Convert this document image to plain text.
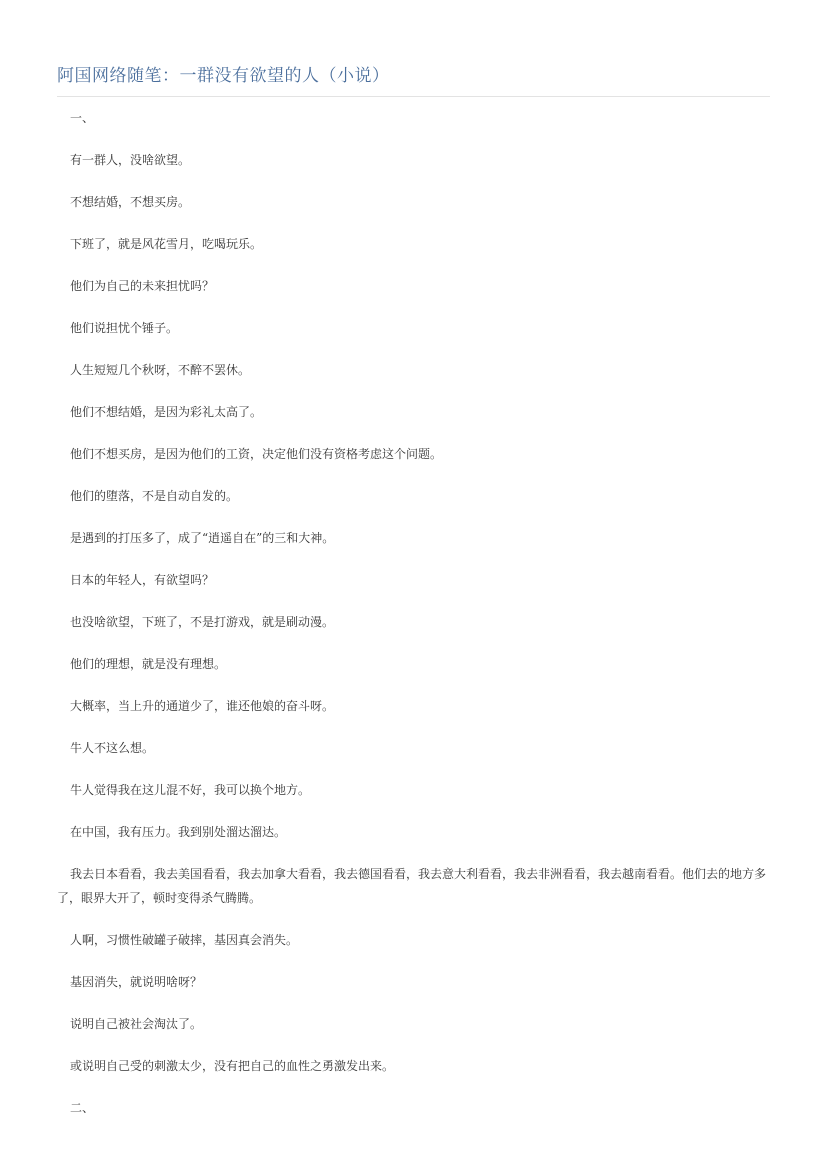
阿国网络随笔：一群没有欲望的人（小说）

一、

有一群人，没啥欲望。

不想结婚，不想买房。

下班了，就是风花雪月，吃喝玩乐。

他们为自己的未来担忧吗？

他们说担忧个锤子。

人生短短几个秋呀，不醉不罢休。

他们不想结婚，是因为彩礼太高了。

他们不想买房，是因为他们的工资，决定他们没有资格考虑这个问题。

他们的堕落，不是自动自发的。

是遇到的打压多了，成了“逍遥自在”的三和大神。

日本的年轻人，有欲望吗？

也没啥欲望，下班了，不是打游戏，就是刷动漫。

他们的理想，就是没有理想。

大概率，当上升的通道少了，谁还他娘的奋斗呀。

牛人不这么想。

牛人觉得我在这儿混不好，我可以换个地方。

在中国，我有压力。我到别处溜达溜达。

我去日本看看，我去美国看看，我去加拿大看看，我去德国看看，我去意大利看看，我去非洲看看，我去越南看看。他们去的地方多了，眼界大开了，顿时变得杀气腾腾。

人啊，习惯性破罐子破摔，基因真会消失。

基因消失，就说明啥呀？

说明自己被社会淘汰了。

或说明自己受的刺激太少，没有把自己的血性之勇激发出来。

二、
